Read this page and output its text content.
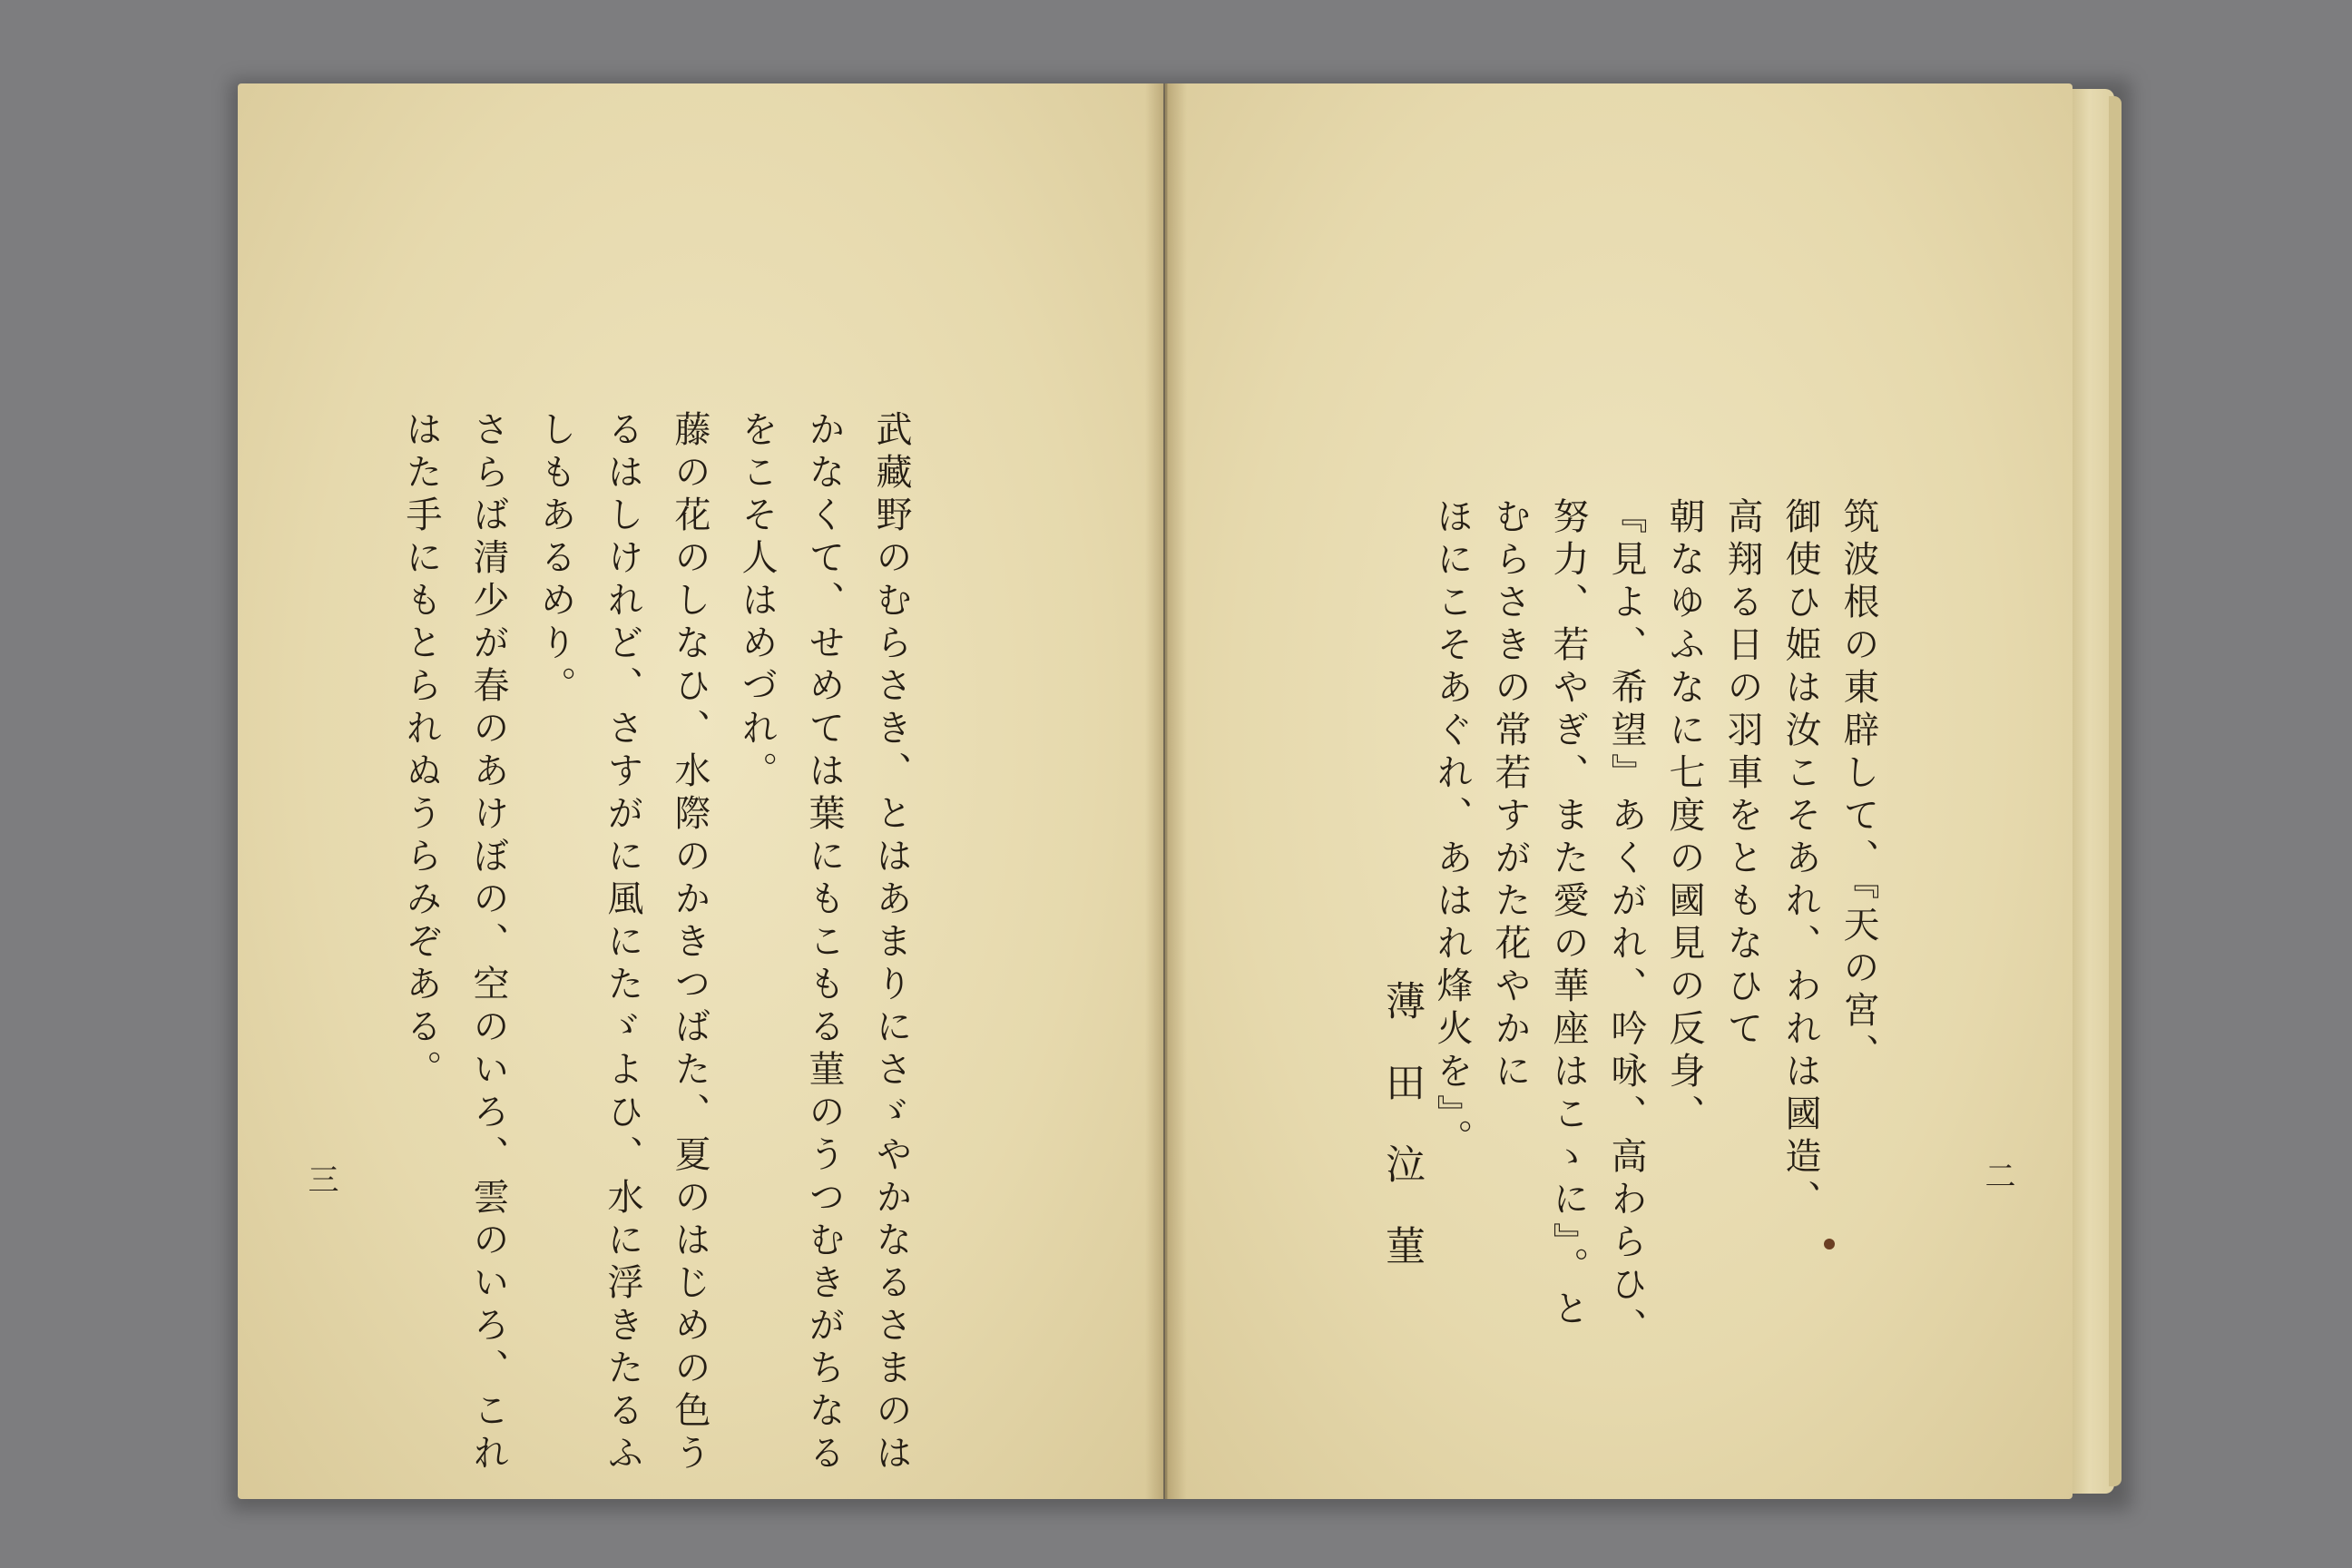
武藏野のむらさき、とはあまりにさゞやかなるさまのは
かなくて、せめては葉にもこもる菫のうつむきがちなる
をこそ人はめづれ。
藤の花のしなひ、水際のかきつばた、夏のはじめの色う
るはしけれど、さすがに風にたゞよひ、水に浮きたるふ
しもあるめり。
さらば清少が春のあけぼの、空のいろ、雲のいろ、これ
はた手にもとられぬうらみぞある。
三
筑波根の東辟して、『天の宮、
御使ひ姫は汝こそあれ、われは國造、
高翔る日の羽車をともなひて
朝なゆふなに七度の國見の反身、
『見よ、希望』あくがれ、吟咏、高わらひ、
努力、若やぎ、また愛の華座はこゝに』。と
むらさきの常若すがた花やかに
ほにこそあぐれ、あはれ烽火を』。
薄田泣菫	二
